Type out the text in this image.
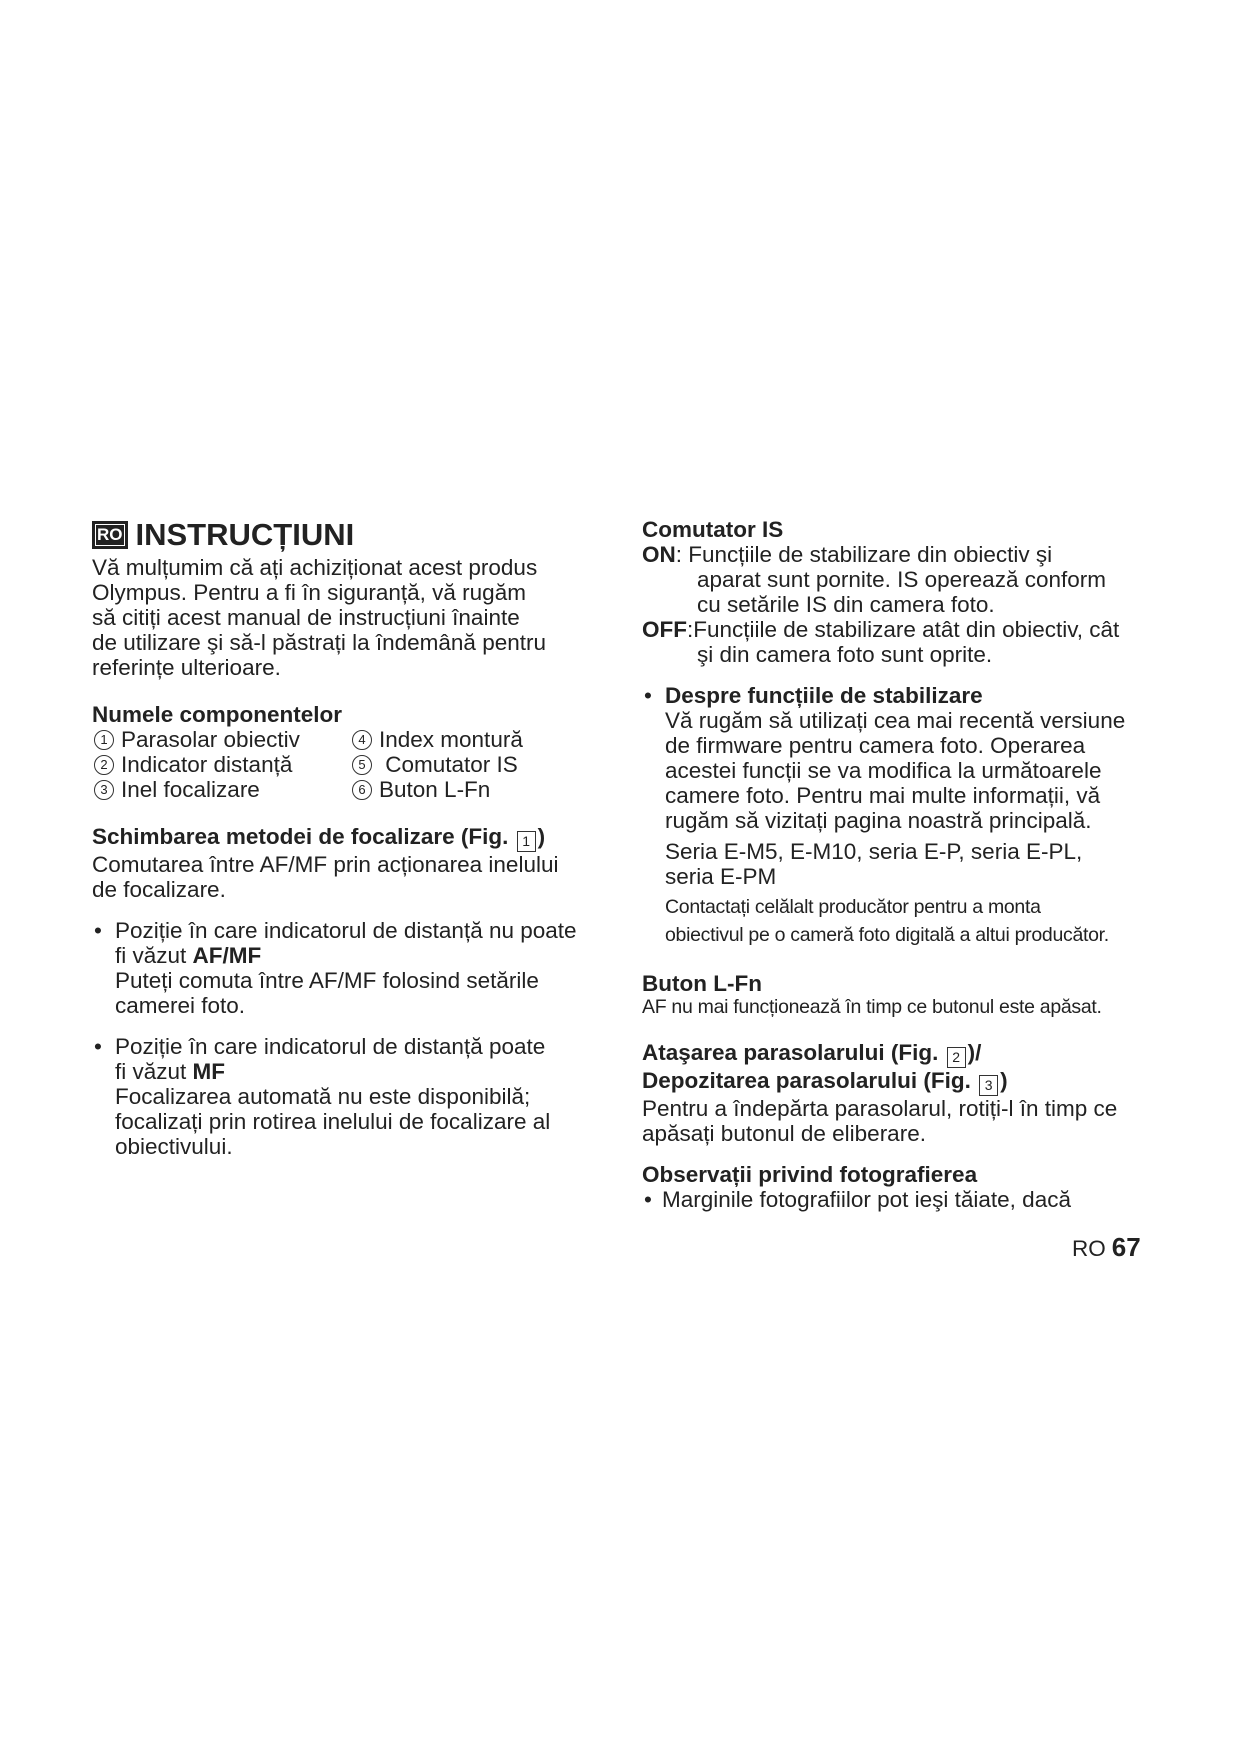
RO INSTRUCȚIUNI

Vă mulțumim că ați achiziționat acest produs

Olympus. Pentru a fi în siguranță, vă rugăm

să citiți acest manual de instrucțiuni înainte

de utilizare şi să-l păstrați la îndemână pentru

referințe ulterioare.

Numele componentelor

1 Parasolar obiectiv	4 Index montură
2 Indicator distanță	5 Comutator IS
3 Inel focalizare	6 Buton L-Fn

Schimbarea metodei de focalizare (Fig. 1 )

Comutarea între AF/MF prin acționarea inelului

de focalizare.

• Poziție în care indicatorul de distanță nu poate

fi văzut AF/MF

Puteți comuta între AF/MF folosind setările

camerei foto.

• Poziție în care indicatorul de distanță poate

fi văzut MF

Focalizarea automată nu este disponibilă;

focalizați prin rotirea inelului de focalizare al

obiectivului.

Comutator IS

ON: Funcțiile de stabilizare din obiectiv şi

aparat sunt pornite. IS operează conform

cu setările IS din camera foto.

OFF:Funcțiile de stabilizare atât din obiectiv, cât

şi din camera foto sunt oprite.

• Despre funcțiile de stabilizare

Vă rugăm să utilizați cea mai recentă versiune

de firmware pentru camera foto. Operarea

acestei funcții se va modifica la următoarele

camere foto. Pentru mai multe informații, vă

rugăm să vizitați pagina noastră principală.

Seria E-M5, E-M10, seria E-P, seria E-PL,

seria E-PM

Contactați celălalt producător pentru a monta

obiectivul pe o cameră foto digitală a altui producător.

Buton L-Fn

AF nu mai funcționează în timp ce butonul este apăsat.

Ataşarea parasolarului (Fig. 2 )/

Depozitarea parasolarului (Fig. 3 )

Pentru a îndepărta parasolarul, rotiți-l în timp ce

apăsați butonul de eliberare.

Observații privind fotografierea

• Marginile fotografiilor pot ieşi tăiate, dacă

RO 67
